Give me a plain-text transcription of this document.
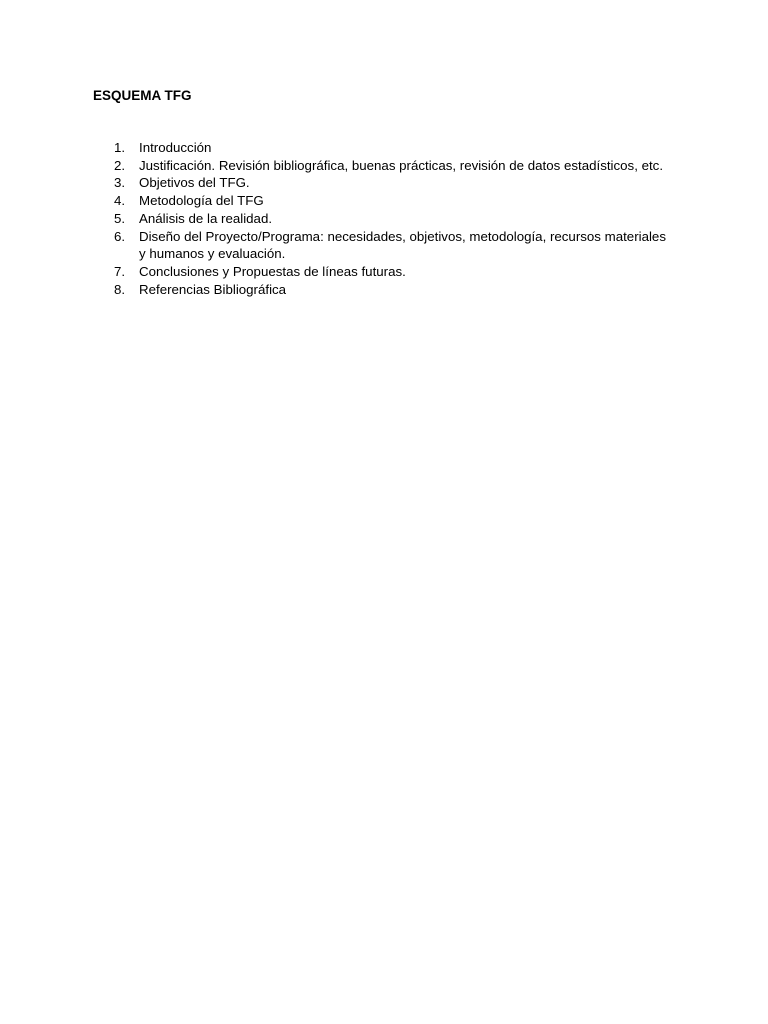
ESQUEMA TFG
1.	Introducción
2.	Justificación. Revisión bibliográfica, buenas prácticas, revisión de datos estadísticos, etc.
3.	Objetivos del TFG.
4.	Metodología del TFG
5.	Análisis de la realidad.
6.	Diseño del Proyecto/Programa: necesidades, objetivos, metodología, recursos materiales y humanos y evaluación.
7.	Conclusiones y Propuestas de líneas futuras.
8.	Referencias Bibliográfica
